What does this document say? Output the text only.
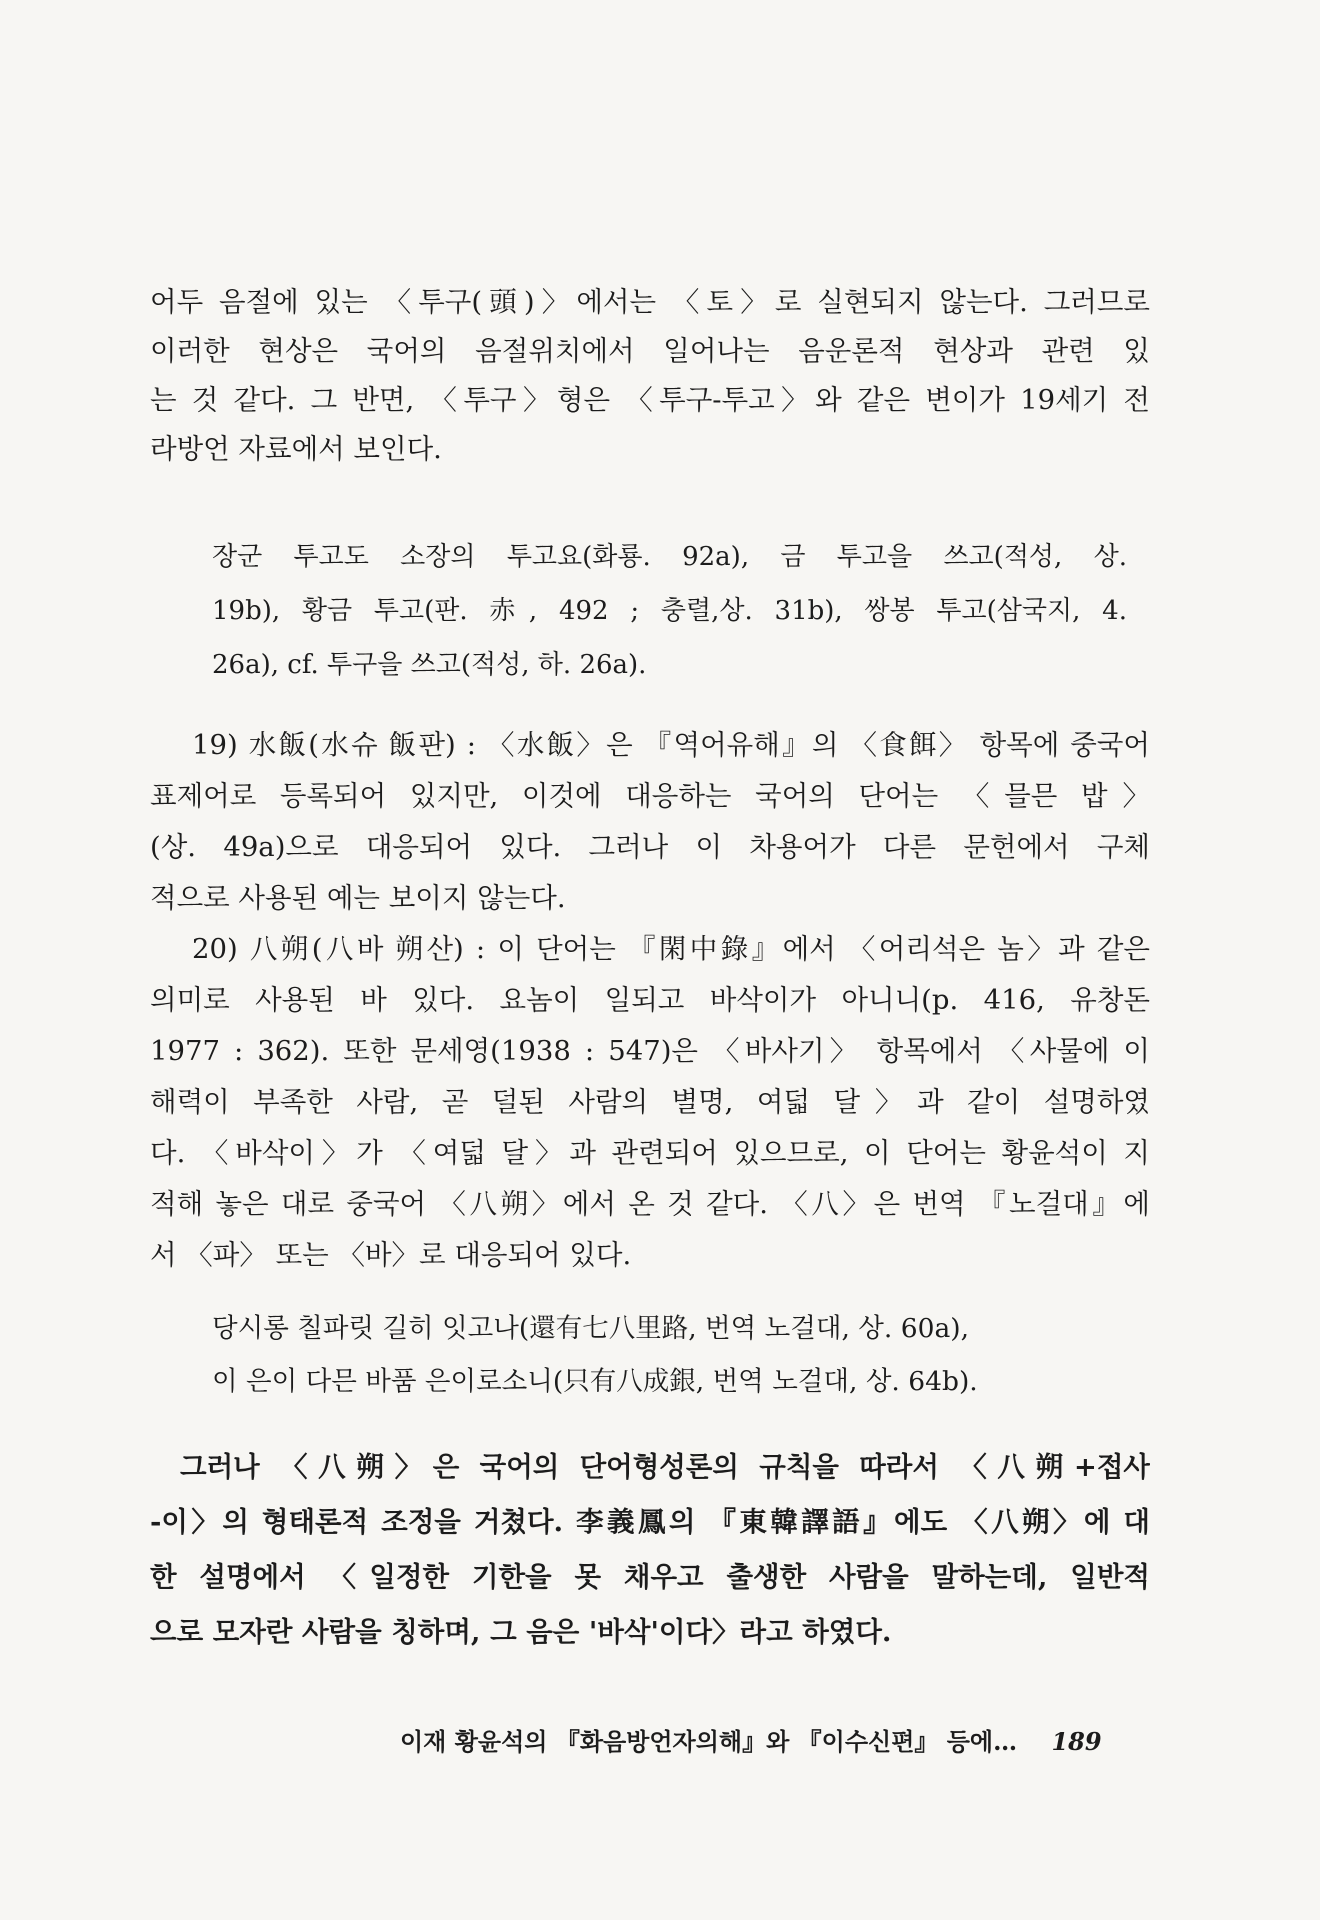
어두 음절에 있는 〈투구(頭)〉에서는 〈토〉로 실현되지 않는다. 그러므로
이러한 현상은 국어의 음절위치에서 일어나는 음운론적 현상과 관련 있
는 것 같다. 그 반면, 〈투구〉형은 〈투구-투고〉와 같은 변이가 19세기 전
라방언 자료에서 보인다.
장군 투고도 소장의 투고요(화룡. 92a), 금 투고을 쓰고(적성, 상.
19b), 황금 투고(판. 赤, 492 ; 충렬,상. 31b), 쌍봉 투고(삼국지, 4.
26a), cf. 투구을 쓰고(적성, 하. 26a).
19) 水飯(水슈 飯판) : 〈水飯〉은 『역어유해』의 〈食餌〉 항목에 중국어
표제어로 등록되어 있지만, 이것에 대응하는 국어의 단어는 〈믈믄 밥〉
(상. 49a)으로 대응되어 있다. 그러나 이 차용어가 다른 문헌에서 구체
적으로 사용된 예는 보이지 않는다.
20) 八朔(八바 朔산) : 이 단어는 『閑中錄』에서 〈어리석은 놈〉과 같은
의미로 사용된 바 있다. 요놈이 일되고 바삭이가 아니니(p. 416, 유창돈
1977 : 362). 또한 문세영(1938 : 547)은 〈바사기〉 항목에서 〈사물에 이
해력이 부족한 사람, 곧 덜된 사람의 별명, 여덟 달〉과 같이 설명하였
다. 〈바삭이〉가 〈여덟 달〉과 관련되어 있으므로, 이 단어는 황윤석이 지
적해 놓은 대로 중국어 〈八朔〉에서 온 것 같다. 〈八〉은 번역 『노걸대』에
서 〈파〉 또는 〈바〉로 대응되어 있다.
당시롱 칠파릿 길히 잇고나(還有七八里路, 번역 노걸대, 상. 60a),
이 은이 다믄 바품 은이로소니(只有八成銀, 번역 노걸대, 상. 64b).
그러나 〈八朔〉은 국어의 단어형성론의 규칙을 따라서 〈八朔+접사
-이〉의 형태론적 조정을 거쳤다. 李義鳳의 『東韓譯語』에도 〈八朔〉에 대
한 설명에서 〈일정한 기한을 못 채우고 출생한 사람을 말하는데, 일반적
으로 모자란 사람을 칭하며, 그 음은 '바삭'이다〉라고 하였다.
이재 황윤석의 『화음방언자의해』와 『이수신편』 등에… 189
